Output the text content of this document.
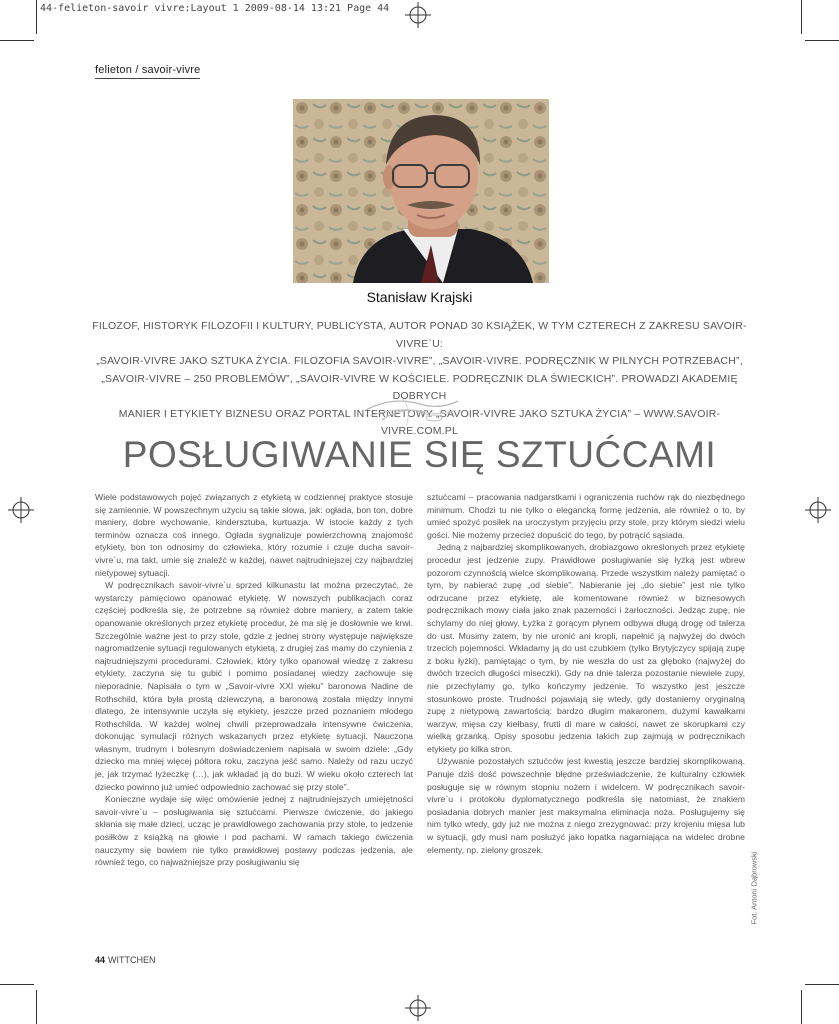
44-felieton-savoir vivre:Layout 1 2009-08-14 13:21 Page 44
felieton / savoir-vivre
Stanisław Krajski
FILOZOF, HISTORYK FILOZOFII I KULTURY, PUBLICYSTA, AUTOR PONAD 30 KSIĄŻEK, W TYM CZTERECH Z ZAKRESU SAVOIR-VIVRE`U:
„SAVOIR-VIVRE JAKO SZTUKA ŻYCIA. FILOZOFIA SAVOIR-VIVRE”, „SAVOIR-VIVRE. PODRĘCZNIK W PILNYCH POTRZEBACH”,
„SAVOIR-VIVRE – 250 PROBLEMÓW”, „SAVOIR-VIVRE W KOŚCIELE. PODRĘCZNIK DLA ŚWIECKICH”. PROWADZI AKADEMIĘ DOBRYCH
MANIER I ETYKIETY BIZNESU ORAZ PORTAL INTERNETOWY „SAVOIR-VIVRE JAKO SZTUKA ŻYCIA” – WWW.SAVOIR-VIVRE.COM.PL
POSŁUGIWANIE SIĘ SZTUĆCAMI

Wiele podstawowych pojęć związanych z etykietą w codziennej praktyce stosuje się zamiennie. W powszechnym użyciu są takie słowa, jak: ogłada, bon ton, dobre maniery, dobre wychowanie, kindersztuba, kurtuazja. W istocie każdy z tych terminów oznacza coś innego. Ogłada sygnalizuje powierzchowną znajomość etykiety, bon ton odnosimy do człowieka, który rozumie i czuje ducha savoir-vivre`u, ma takt, umie się znaleźć w każdej, nawet najtrudniejszej czy najbardziej nietypowej sytuacji.

W podręcznikach savoir-vivre`u sprzed kilkunastu lat można przeczytać, że wystarczy pamięciowo opanować etykietę. W nowszych publikacjach coraz częściej podkreśla się, że potrzebne są również dobre maniery, a zatem takie opanowanie określonych przez etykietę procedur, że ma się je dosłownie we krwi. Szczególnie ważne jest to przy stole, gdzie z jednej strony występuje największe nagromadzenie sytuacji regulowanych etykietą, z drugiej zaś mamy do czynienia z najtrudniejszymi procedurami. Człowiek, który tylko opanował wiedzę z zakresu etykiety, zaczyna się tu gubić i pomimo posiadanej wiedzy zachowuje się nieporadnie. Napisała o tym w „Savoir-vivre XXI wieku” baronowa Nadine de Rothschild, która była prostą dziewczyną, a baronową została między innymi dlatego, że intensywnie uczyła się etykiety, jeszcze przed poznaniem młodego Rothschilda. W każdej wolnej chwili przeprowadzała intensywne ćwiczenia, dokonując symulacji różnych wskazanych przez etykietę sytuacji. Nauczona własnym, trudnym i bolesnym doświadczeniem napisała w swoim dziele: „Gdy dziecko ma mniej więcej półtora roku, zaczyna jeść samo. Należy od razu uczyć je, jak trzymać łyżeczkę (…), jak wkładać ją do buzi. W wieku około czterech lat dziecko powinno już umieć odpowiednio zachować się przy stole”.

Konieczne wydaje się więc omówienie jednej z najtrudniejszych umiejętności savoir-vivre`u – posługiwania się sztućcami. Pierwsze ćwiczenie, do jakiego skłania się małe dzieci, ucząc je prawidłowego zachowania przy stole, to jedzenie posiłków z książką na głowie i pod pachami. W ramach takiego ćwiczenia nauczymy się bowiem nie tylko prawidłowej postawy podczas jedzenia, ale również tego, co najważniejsze przy posługiwaniu się

sztućcami – pracowania nadgarstkami i ograniczenia ruchów rąk do niezbędnego minimum. Chodzi tu nie tylko o elegancką formę jedzenia, ale również o to, by umieć spożyć posiłek na uroczystym przyjęciu przy stole, przy którym siedzi wielu gości. Nie możemy przecież dopuścić do tego, by potrącić sąsiada.

Jedną z najbardziej skomplikowanych, drobiazgowo określonych przez etykietę procedur jest jedzenie zupy. Prawidłowe posługiwanie się łyżką jest wbrew pozorom czynnością wielce skomplikowaną. Przede wszystkim należy pamiętać o tym, by nabierać zupę „od siebie”. Nabieranie jej „do siebie” jest nie tylko odrzucane przez etykietę, ale komentowane również w biznesowych podręcznikach mowy ciała jako znak pazerności i żarłoczności. Jedząc zupę, nie schylamy do niej głowy. Łyżka z gorącym płynem odbywa długą drogę od talerza do ust. Musimy zatem, by nie uronić ani kropli, napełnić ją najwyżej do dwóch trzecich pojemności. Wkładamy ją do ust czubkiem (tylko Brytyjczycy spijają zupę z boku łyżki), pamiętając o tym, by nie weszła do ust za głęboko (najwyżej do dwóch trzecich długości miseczki). Gdy na dnie talerza pozostanie niewiele zupy, nie przechylamy go, tylko kończymy jedzenie. To wszystko jest jeszcze stosunkowo proste. Trudności pojawiają się wtedy, gdy dostaniemy oryginalną zupę z nietypową zawartością: bardzo długim makaronem, dużymi kawałkami warzyw, mięsa czy kiełbasy, frutti di mare w całości, nawet ze skorupkami czy wielką grzanką. Opisy sposobu jedzenia takich zup zajmują w podręcznikach etykiety po kilka stron.

Używanie pozostałych sztućców jest kwestią jeszcze bardziej skomplikowaną. Panuje dziś dość powszechnie błędne przeświadczenie, że kulturalny człowiek posługuje się w równym stopniu nożem i widelcem. W podręcznikach savoir-vivre`u i protokołu dyplomatycznego podkreśla się natomiast, że znakiem posiadania dobrych manier jest maksymalna eliminacja noża. Posługujemy się nim tylko wtedy, gdy już nie można z niego zrezygnować: przy krojeniu mięsa lub w sytuacji, gdy musi nam posłużyć jako łopatka nagarniająca na widelec drobne elementy, np. zielony groszek.

Fot. Antoni Dąbrowski
44 WITTCHEN
